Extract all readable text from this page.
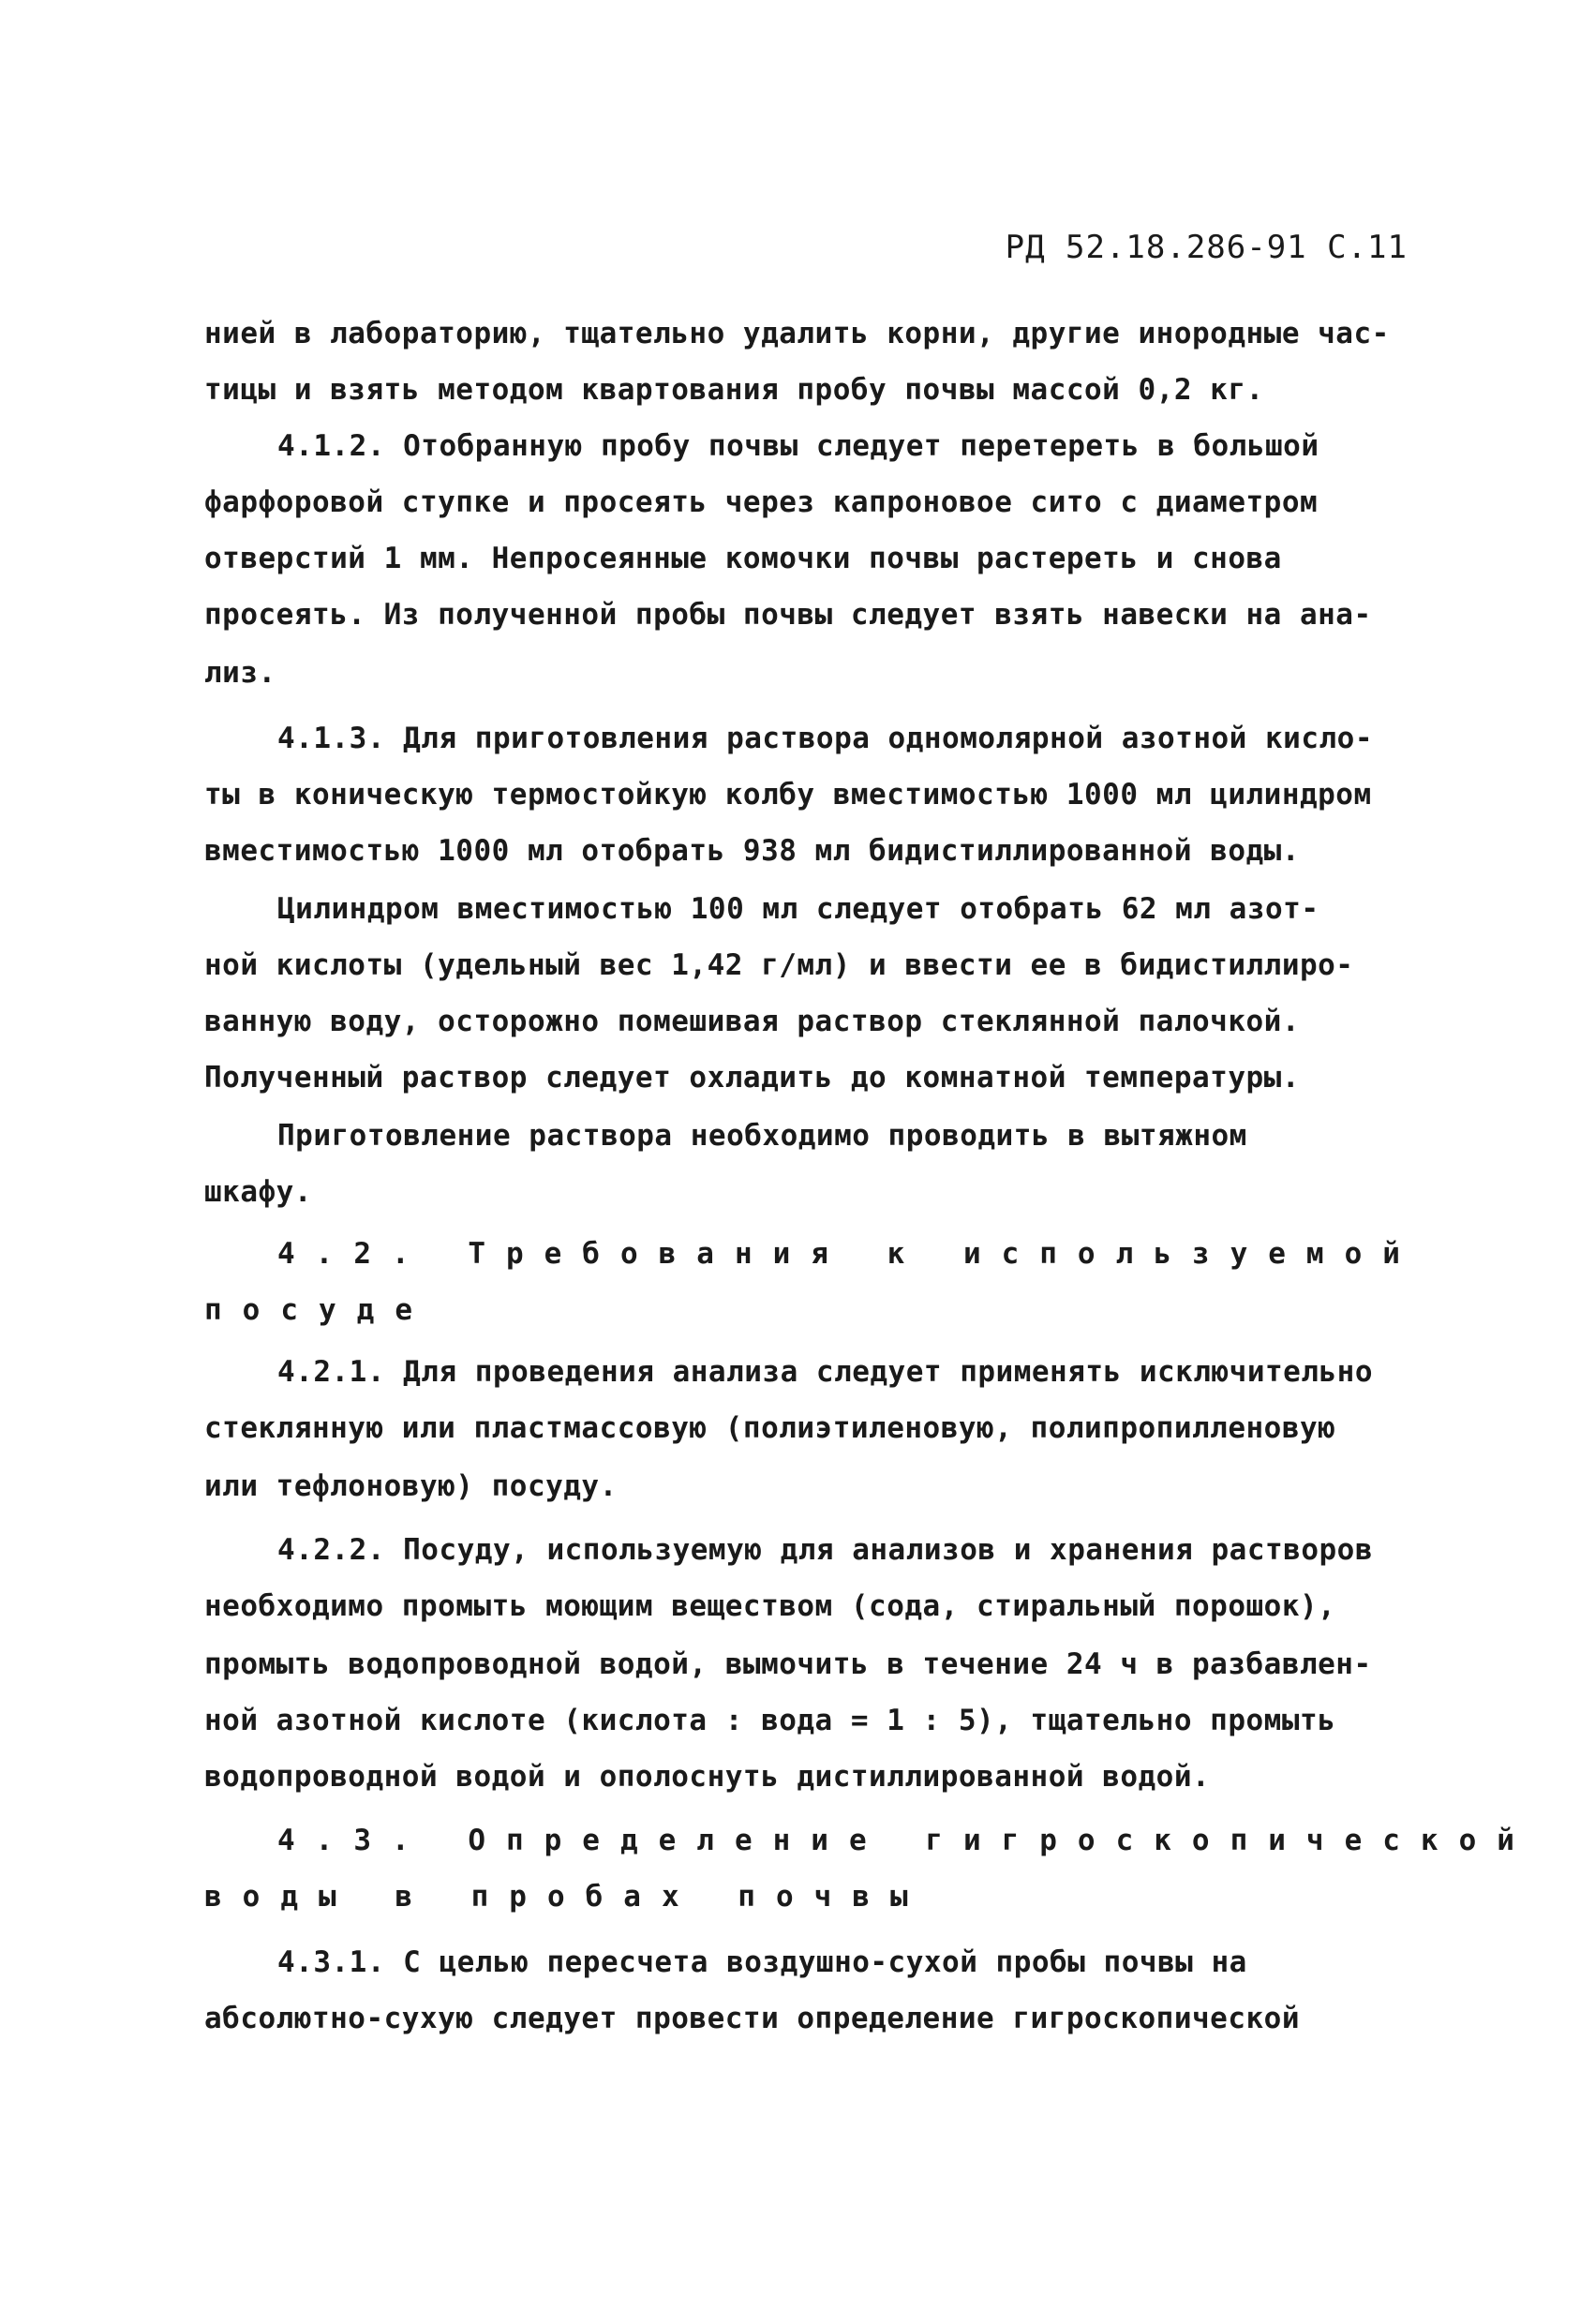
РД 52.18.286-91 С.11
нией в лабораторию, тщательно удалить корни, другие инородные час-
тицы и взять методом квартования пробу почвы массой 0,2 кг.
4.1.2. Отобранную пробу почвы следует перетереть в большой
фарфоровой ступке и просеять через капроновое сито с диаметром
отверстий 1 мм. Непросеянные комочки почвы растереть и снова
просеять. Из полученной пробы почвы следует взять навески на ана-
лиз.
4.1.3. Для приготовления раствора одномолярной азотной кисло-
ты в коническую термостойкую колбу вместимостью 1000 мл цилиндром
вместимостью 1000 мл отобрать 938 мл бидистиллированной воды.
Цилиндром вместимостью 100 мл следует отобрать 62 мл азот-
ной кислоты (удельный вес 1,42 г/мл) и ввести ее в бидистиллиро-
ванную воду, осторожно помешивая раствор стеклянной палочкой.
Полученный раствор следует охладить до комнатной температуры.
Приготовление раствора необходимо проводить в вытяжном
шкафу.
4.2. Требования к используемой
посуде
4.2.1. Для проведения анализа следует применять исключительно
стеклянную или пластмассовую (полиэтиленовую, полипропилленовую
или тефлоновую) посуду.
4.2.2. Посуду, используемую для анализов и хранения растворов
необходимо промыть моющим веществом (сода, стиральный порошок),
промыть водопроводной водой, вымочить в течение 24 ч в разбавлен-
ной азотной кислоте (кислота : вода = 1 : 5), тщательно промыть
водопроводной водой и ополоснуть дистиллированной водой.
4.3. Определение гигроскопической
воды в пробах почвы
4.3.1. С целью пересчета воздушно-сухой пробы почвы на
абсолютно-сухую следует провести определение гигроскопической
